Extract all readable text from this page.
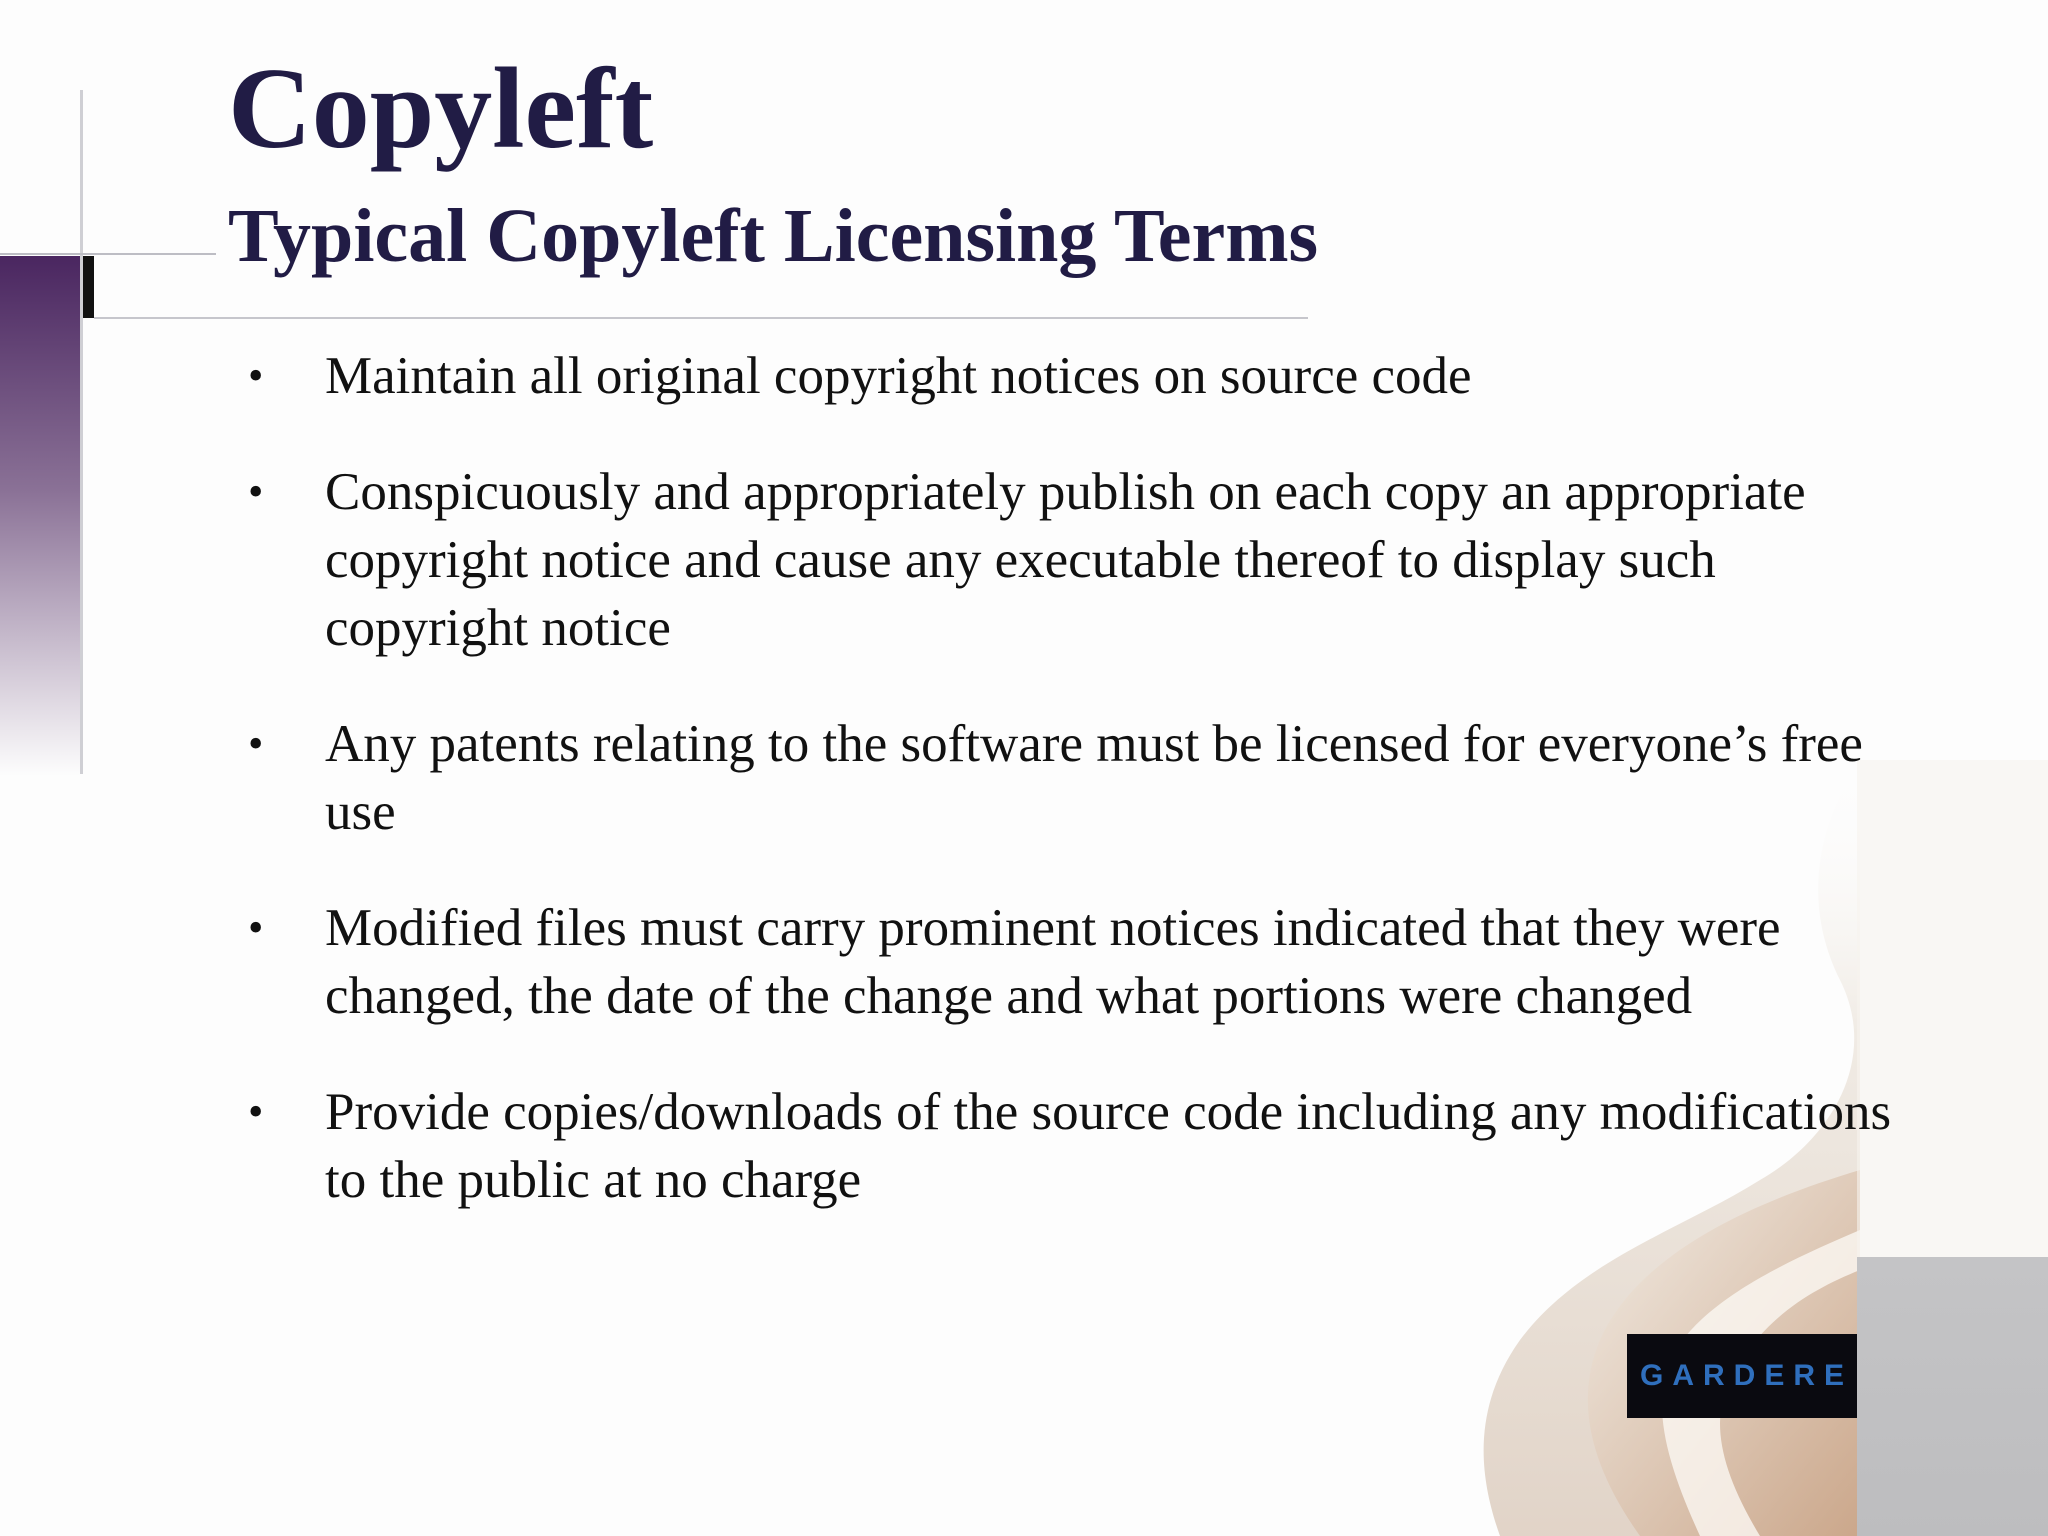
Copyleft
Typical Copyleft Licensing Terms
• Maintain all original copyright notices on source code
• Conspicuously and appropriately publish on each copy an appropriate copyright notice and cause any executable thereof to display such copyright notice
• Any patents relating to the software must be licensed for everyone’s free use
• Modified files must carry prominent notices indicated that they were changed, the date of the change and what portions were changed
• Provide copies/downloads of the source code including any modifications to the public at no charge
GARDERE
